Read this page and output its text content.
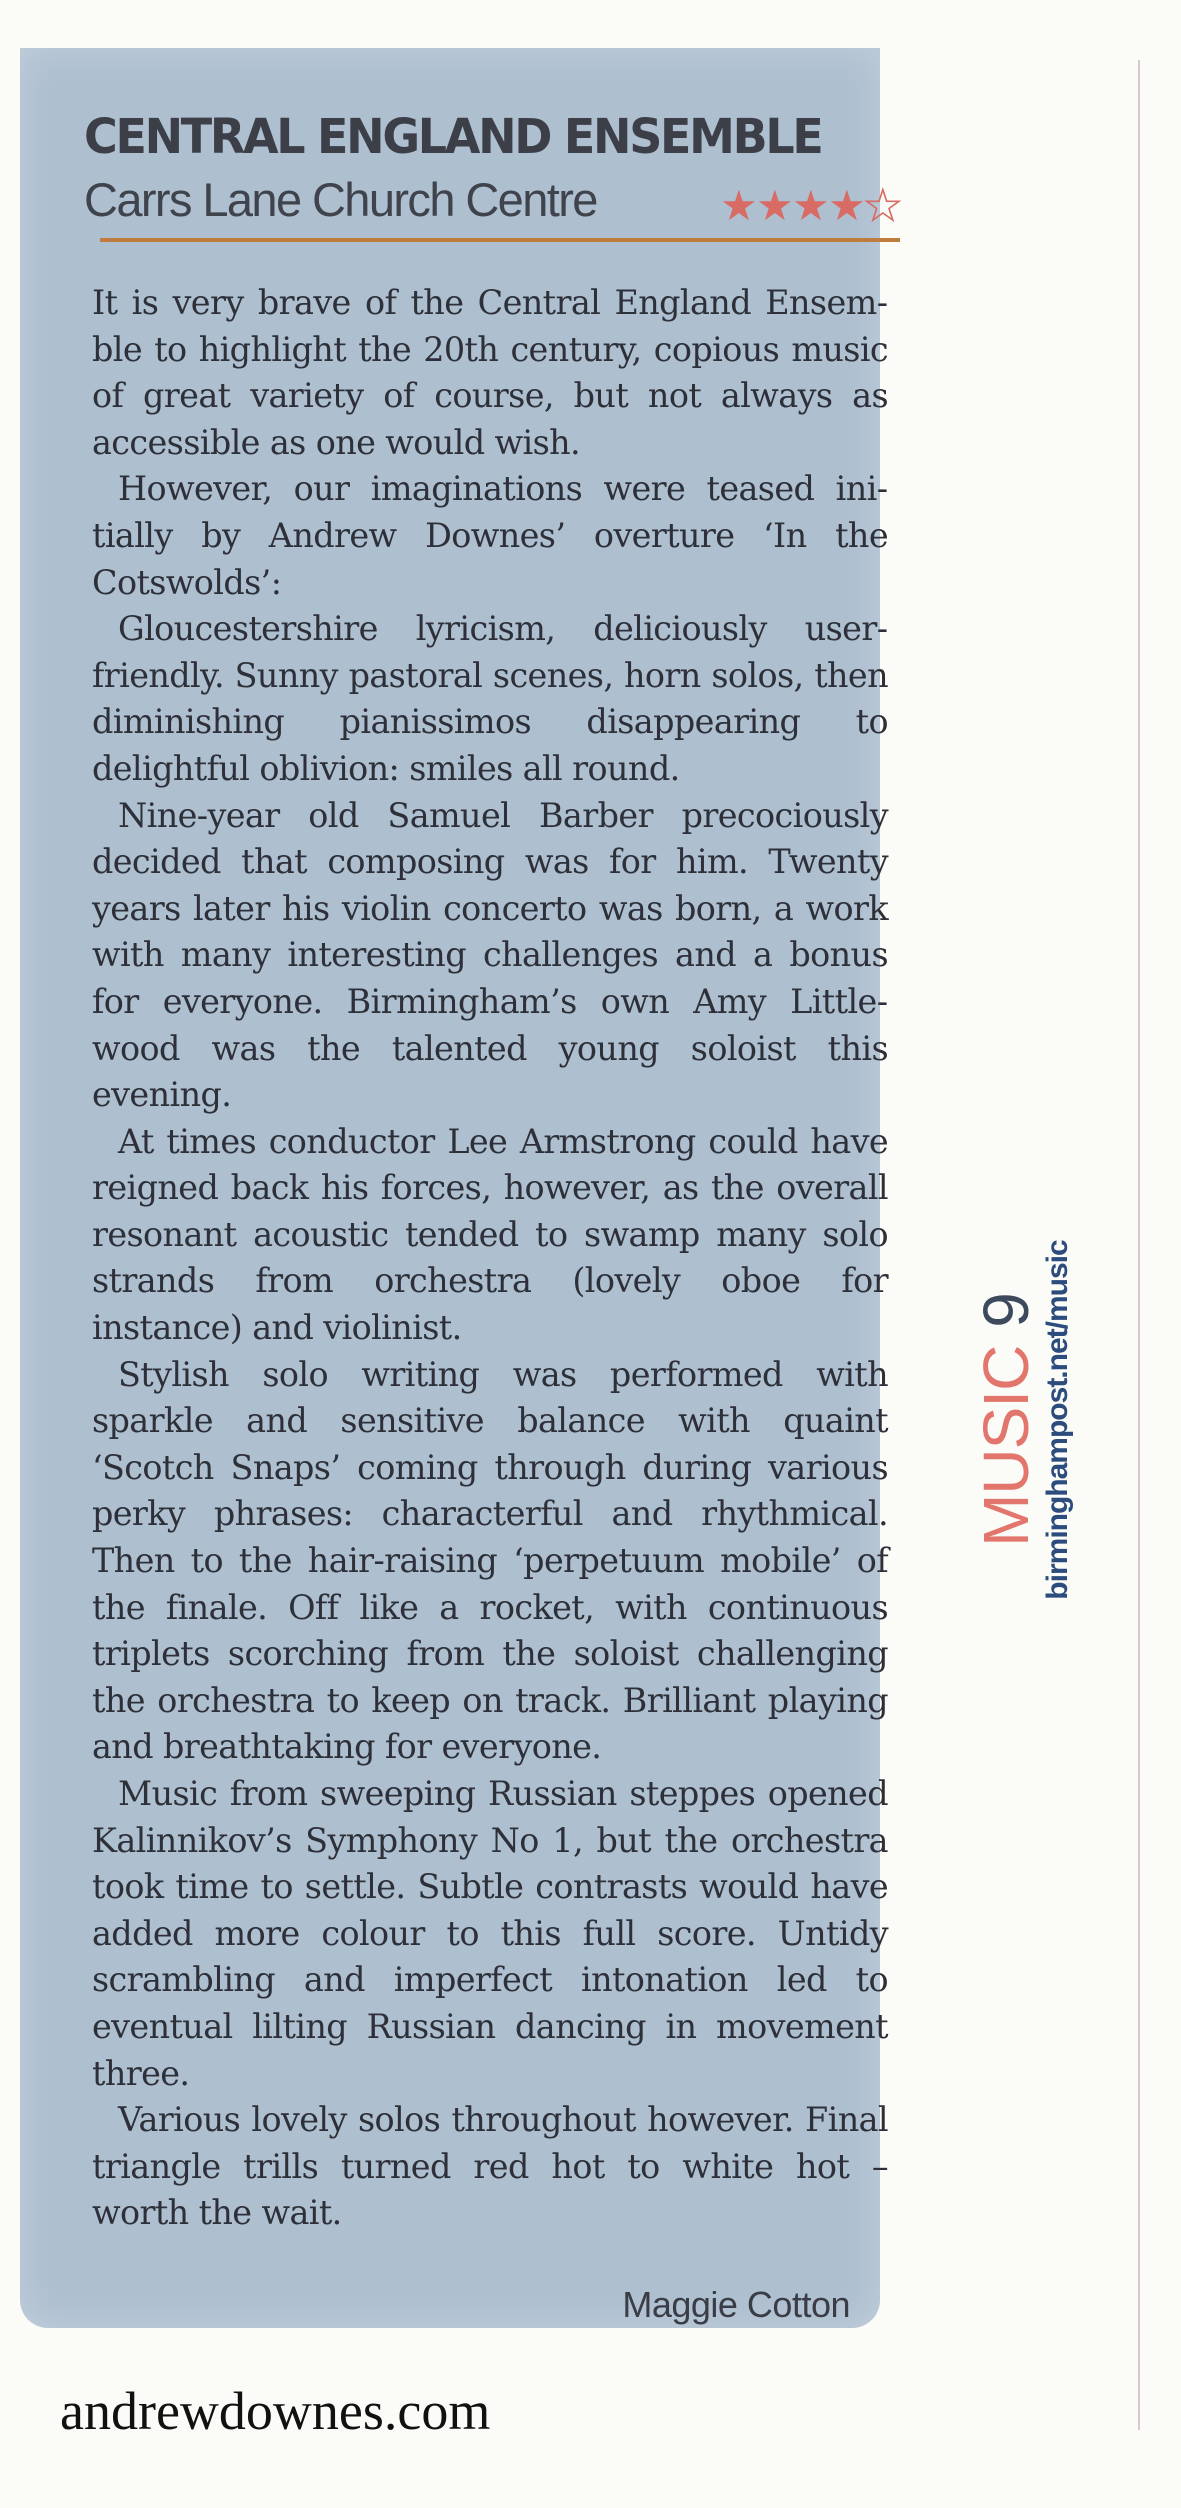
CENTRAL ENGLAND ENSEMBLE
Carrs Lane Church Centre	★
★
★
★
★

It is very brave of the Central England Ensemble to highlight the 20th century, copious music of great variety of course, but not always as accessible as one would wish.

However, our imaginations were teased initially by Andrew Downes’ overture ‘In the Cotswolds’:

Gloucestershire lyricism, deliciously userfriendly. Sunny pastoral scenes, horn solos, then diminishing pianissimos disappearing to delightful oblivion: smiles all round.

Nine-year old Samuel Barber precociously decided that composing was for him. Twenty years later his violin concerto was born, a work with many interesting challenges and a bonus for everyone. Birmingham’s own Amy Littlewood was the talented young soloist this evening.

At times conductor Lee Armstrong could have reigned back his forces, however, as the overall resonant acoustic tended to swamp many solo strands from orchestra (lovely oboe for instance) and violinist.

Stylish solo writing was performed with sparkle and sensitive balance with quaint ‘Scotch Snaps’ coming through during various perky phrases: characterful and rhythmical. Then to the hair-raising ‘perpetuum mobile’ of the finale. Off like a rocket, with continuous triplets scorching from the soloist challenging the orchestra to keep on track. Brilliant playing and breathtaking for everyone.

Music from sweeping Russian steppes opened Kalinnikov’s Symphony No 1, but the orchestra took time to settle. Subtle contrasts would have added more colour to this full score. Untidy scrambling and imperfect intonation led to eventual lilting Russian dancing in movement three.

Various lovely solos throughout however. Final triangle trills turned red hot to white hot – worth the wait.

Maggie Cotton
MUSIC9 birminghampost.net/music
andrewdownes.com
